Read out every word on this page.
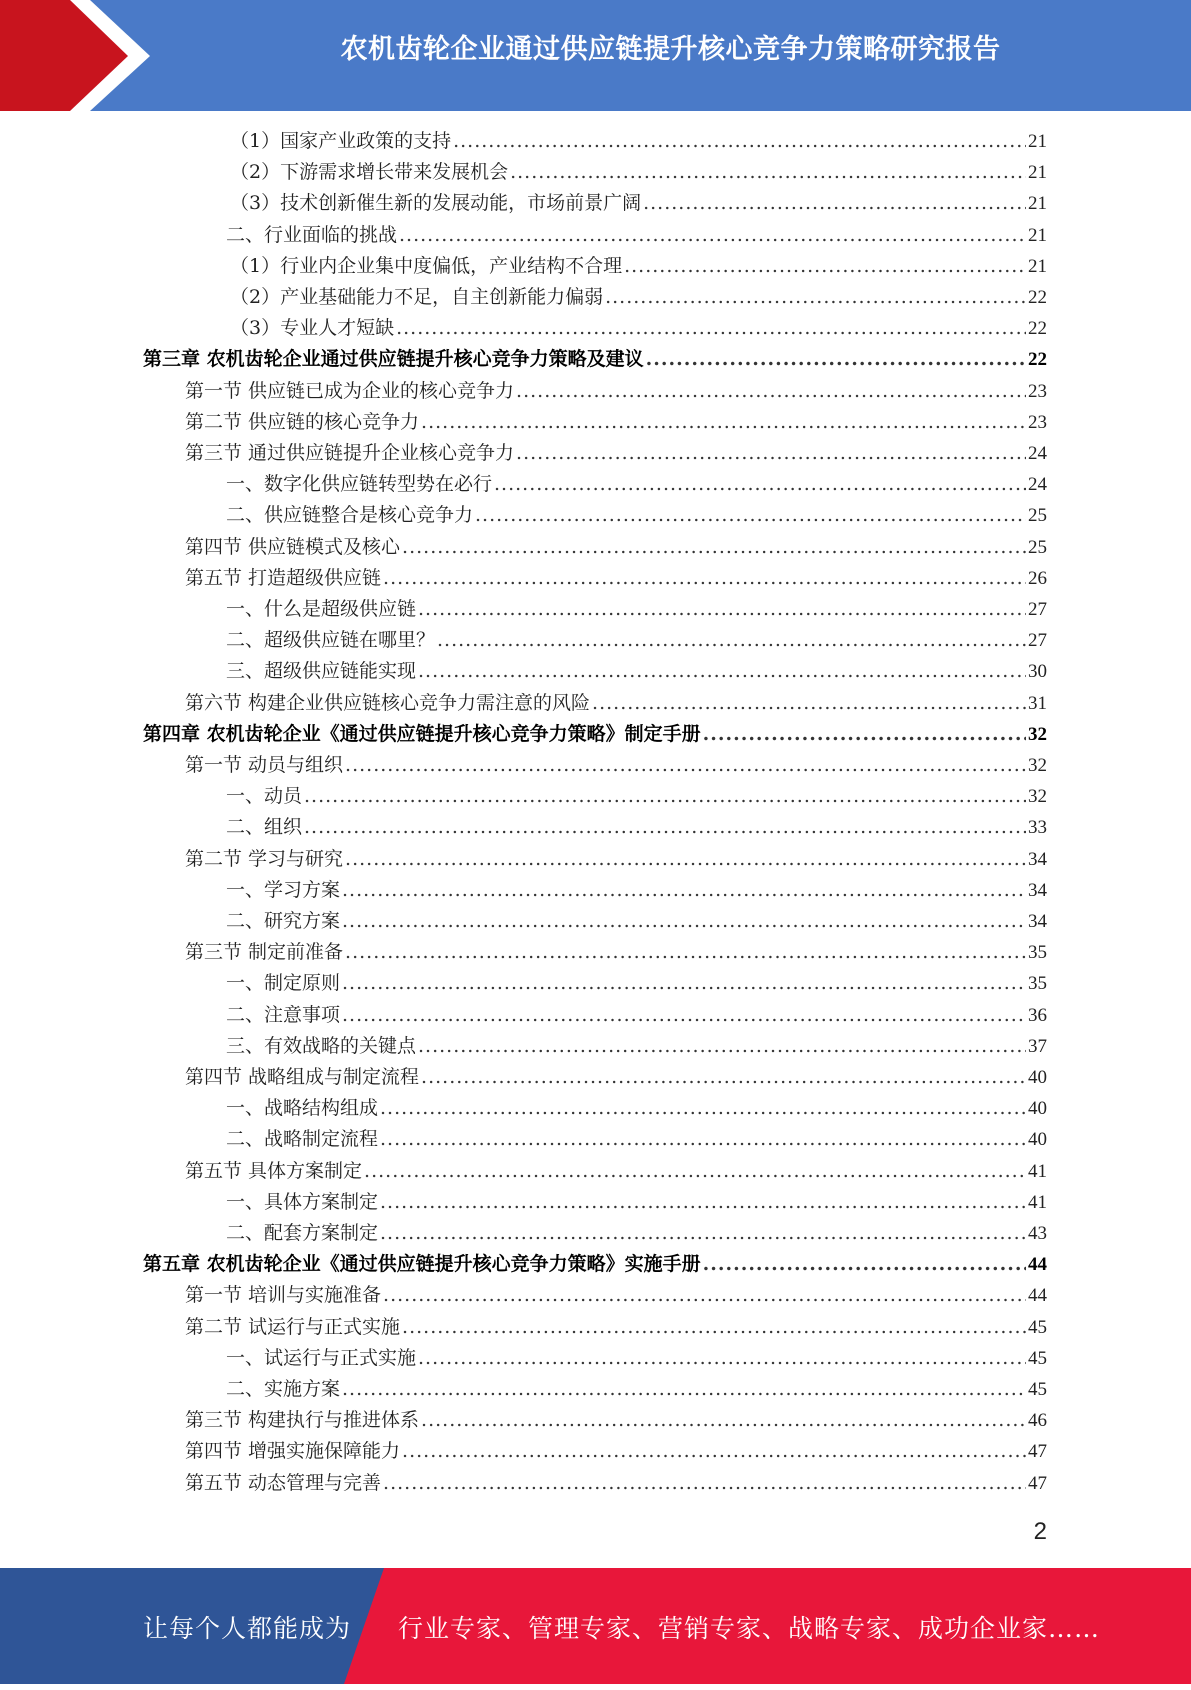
农机齿轮企业通过供应链提升核心竞争力策略研究报告
（1）国家产业政策的支持 .....	21
（2）下游需求增长带来发展机会 .....	21
（3）技术创新催生新的发展动能，市场前景广阔 .....	21
二、行业面临的挑战 .....	21
（1）行业内企业集中度偏低，产业结构不合理 .....	21
（2）产业基础能力不足，自主创新能力偏弱 .....	22
（3）专业人才短缺 .....	22
第三章 农机齿轮企业通过供应链提升核心竞争力策略及建议 .....	22
第一节 供应链已成为企业的核心竞争力 .....	23
第二节 供应链的核心竞争力 .....	23
第三节 通过供应链提升企业核心竞争力 .....	24
一、数字化供应链转型势在必行 .....	24
二、供应链整合是核心竞争力 .....	25
第四节 供应链模式及核心 .....	25
第五节 打造超级供应链 .....	26
一、什么是超级供应链 .....	27
二、超级供应链在哪里？ .....	27
三、超级供应链能实现 .....	30
第六节 构建企业供应链核心竞争力需注意的风险 .....	31
第四章 农机齿轮企业《通过供应链提升核心竞争力策略》制定手册 .....	32
第一节 动员与组织 .....	32
一、动员 .....	32
二、组织 .....	33
第二节 学习与研究 .....	34
一、学习方案 .....	34
二、研究方案 .....	34
第三节 制定前准备 .....	35
一、制定原则 .....	35
二、注意事项 .....	36
三、有效战略的关键点 .....	37
第四节 战略组成与制定流程 .....	40
一、战略结构组成 .....	40
二、战略制定流程 .....	40
第五节 具体方案制定 .....	41
一、具体方案制定 .....	41
二、配套方案制定 .....	43
第五章 农机齿轮企业《通过供应链提升核心竞争力策略》实施手册 .....	44
第一节 培训与实施准备 .....	44
第二节 试运行与正式实施 .....	45
一、试运行与正式实施 .....	45
二、实施方案 .....	45
第三节 构建执行与推进体系 .....	46
第四节 增强实施保障能力 .....	47
第五节 动态管理与完善 .....	47
2
让每个人都能成为 行业专家、管理专家、营销专家、战略专家、成功企业家……
